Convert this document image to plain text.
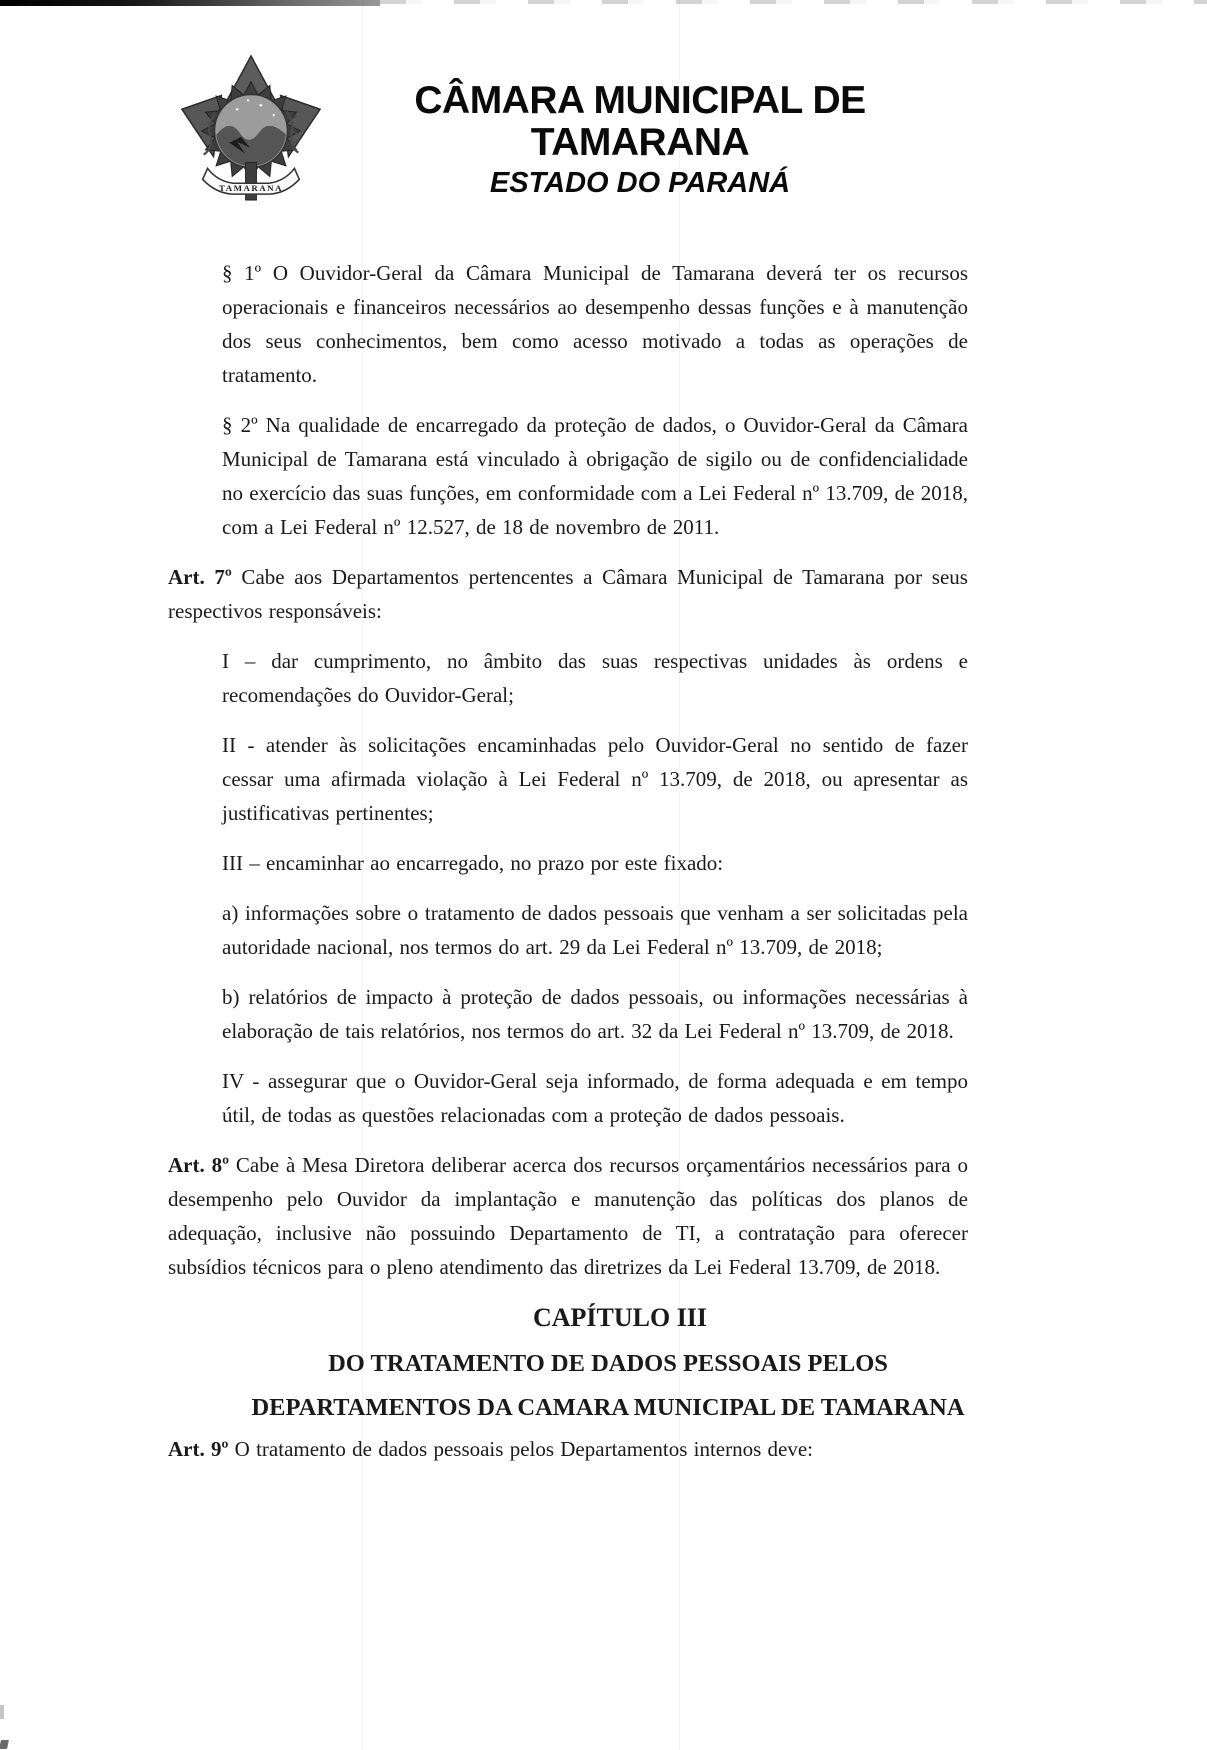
TAMARANA
CÂMARA MUNICIPAL DE TAMARANA
ESTADO DO PARANÁ

§ 1º O Ouvidor-Geral da Câmara Municipal de Tamarana deverá ter os recursos operacionais e financeiros necessários ao desempenho dessas funções e à manutenção dos seus conhecimentos, bem como acesso motivado a todas as operações de tratamento.

§ 2º Na qualidade de encarregado da proteção de dados, o Ouvidor-Geral da Câmara Municipal de Tamarana está vinculado à obrigação de sigilo ou de confidencialidade no exercício das suas funções, em conformidade com a Lei Federal nº 13.709, de 2018, com a Lei Federal nº 12.527, de 18 de novembro de 2011.

Art. 7º Cabe aos Departamentos pertencentes a Câmara Municipal de Tamarana por seus respectivos responsáveis:

I – dar cumprimento, no âmbito das suas respectivas unidades às ordens e recomendações do Ouvidor-Geral;

II - atender às solicitações encaminhadas pelo Ouvidor-Geral no sentido de fazer cessar uma afirmada violação à Lei Federal nº 13.709, de 2018, ou apresentar as justificativas pertinentes;

III – encaminhar ao encarregado, no prazo por este fixado:

a) informações sobre o tratamento de dados pessoais que venham a ser solicitadas pela autoridade nacional, nos termos do art. 29 da Lei Federal nº 13.709, de 2018;

b) relatórios de impacto à proteção de dados pessoais, ou informações necessárias à elaboração de tais relatórios, nos termos do art. 32 da Lei Federal nº 13.709, de 2018.

IV - assegurar que o Ouvidor-Geral seja informado, de forma adequada e em tempo útil, de todas as questões relacionadas com a proteção de dados pessoais.

Art. 8º Cabe à Mesa Diretora deliberar acerca dos recursos orçamentários necessários para o desempenho pelo Ouvidor da implantação e manutenção das políticas dos planos de adequação, inclusive não possuindo Departamento de TI, a contratação para oferecer subsídios técnicos para o pleno atendimento das diretrizes da Lei Federal 13.709, de 2018.

CAPÍTULO III
DO TRATAMENTO DE DADOS PESSOAIS PELOS DEPARTAMENTOS DA CAMARA MUNICIPAL DE TAMARANA

Art. 9º O tratamento de dados pessoais pelos Departamentos internos deve:
